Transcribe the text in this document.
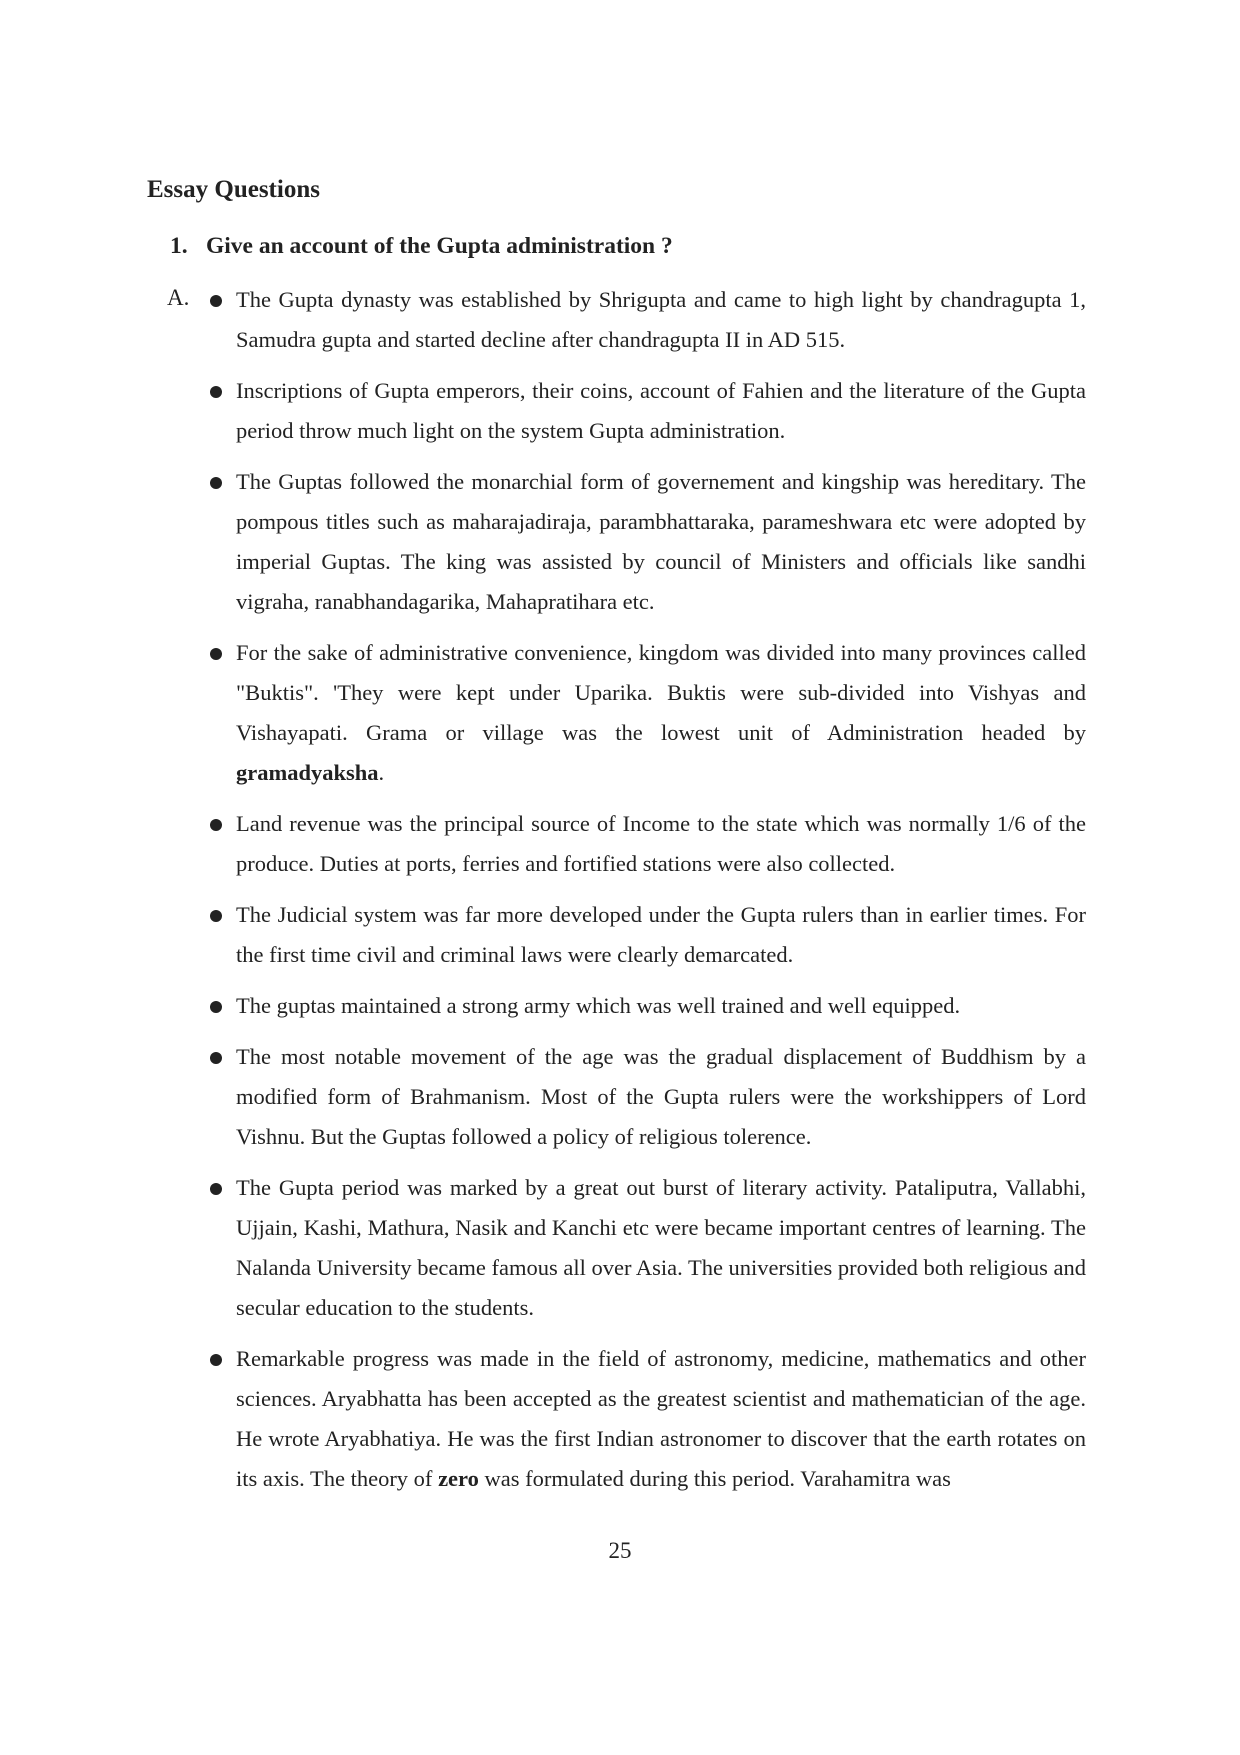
Essay Questions

1. Give an account of the Gupta administration ?

A.	The Gupta dynasty was established by Shrigupta and came to high light by chandragupta 1, Samudra gupta and started decline after chandragupta II in AD 515.
Inscriptions of Gupta emperors, their coins, account of Fahien and the literature of the Gupta period throw much light on the system Gupta administration.
The Guptas followed the monarchial form of governement and kingship was hereditary. The pompous titles such as maharajadiraja, parambhattaraka, parameshwara etc were adopted by imperial Guptas. The king was assisted by council of Ministers and officials like sandhi vigraha, ranabhandagarika, Mahapratihara etc.
For the sake of administrative convenience, kingdom was divided into many provinces called "Buktis". 'They were kept under Uparika. Buktis were sub-divided into Vishyas and Vishayapati. Grama or village was the lowest unit of Administration headed by gramadyaksha.
Land revenue was the principal source of Income to the state which was normally 1/6 of the produce. Duties at ports, ferries and fortified stations were also collected.
The Judicial system was far more developed under the Gupta rulers than in earlier times. For the first time civil and criminal laws were clearly demarcated.
The guptas maintained a strong army which was well trained and well equipped.
The most notable movement of the age was the gradual displacement of Buddhism by a modified form of Brahmanism. Most of the Gupta rulers were the workshippers of Lord Vishnu. But the Guptas followed a policy of religious tolerence.
The Gupta period was marked by a great out burst of literary activity. Pataliputra, Vallabhi, Ujjain, Kashi, Mathura, Nasik and Kanchi etc were became important centres of learning. The Nalanda University became famous all over Asia. The universities provided both religious and secular education to the students.
Remarkable progress was made in the field of astronomy, medicine, mathematics and other sciences. Aryabhatta has been accepted as the greatest scientist and mathematician of the age. He wrote Aryabhatiya. He was the first Indian astronomer to discover that the earth rotates on its axis. The theory of zero was formulated during this period. Varahamitra was

25
